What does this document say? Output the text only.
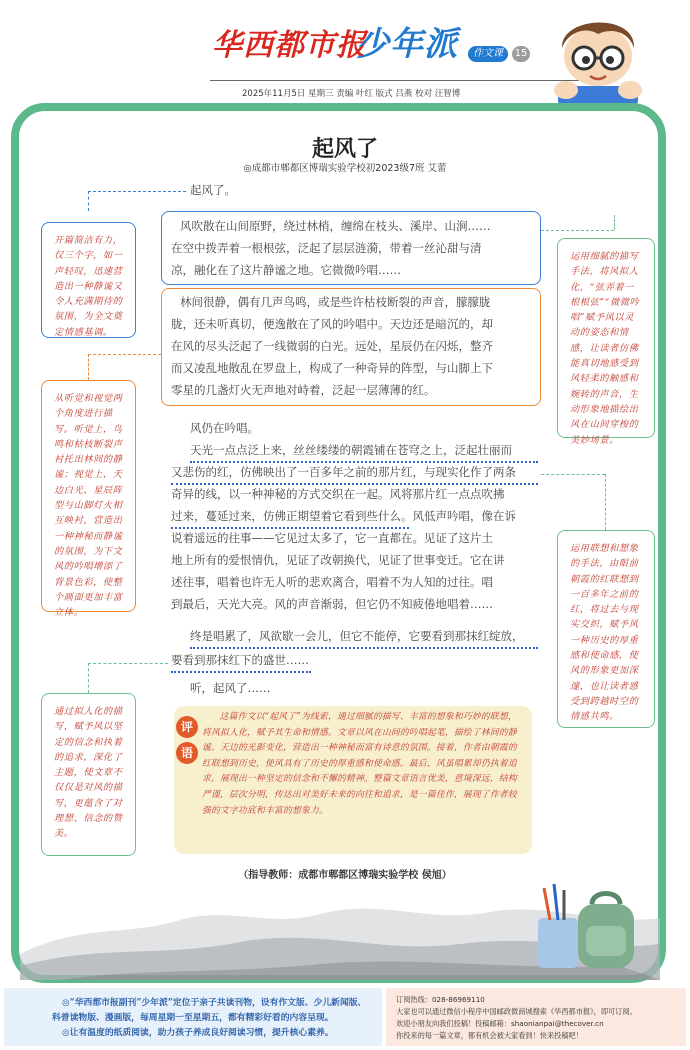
华西都市报
少年派	作文课	15
2025年11月5日 星期三 责编 叶红 版式 吕燕 校对 汪智博
起风了
◎成都市郫都区博瑞实验学校初2023级7班 艾蕾
起风了。
风吹散在山间原野，绕过林梢，缠绵在枝头、溪岸、山涧……
在空中拨弄着一根根弦，泛起了层层涟漪，带着一丝沁甜与清
凉，融化在了这片静谧之地。它微微吟唱……
林间很静，偶有几声鸟鸣，或是些许枯枝断裂的声音，朦朦胧
胧，还未听真切，便逸散在了风的吟唱中。天边还是暗沉的，却
在风的尽头泛起了一线微弱的白光。远处，星辰仍在闪烁，整齐
而又凌乱地散乱在罗盘上，构成了一种奇异的阵型，与山脚上下
零星的几盏灯火无声地对峙着，泛起一层薄薄的红。
风仍在吟唱。
天光一点点泛上来，丝丝缕缕的朝霞铺在苍穹之上，泛起壮丽而
又悲伤的红，仿佛映出了一百多年之前的那片红，与现实化作了两条
奇异的线，以一种神秘的方式交织在一起。风将那片红一点点吹拂
过来，蔓延过来，仿佛正期望着它看到些什么。风低声吟唱，像在诉
说着遥远的往事——它见过太多了，它一直都在。见证了这片土
地上所有的爱恨情仇，见证了改朝换代，见证了世事变迁。它在讲
述往事，唱着也许无人听的悲欢离合，唱着不为人知的过往。唱
到最后，天光大亮。风的声音渐弱，但它仍不知疲倦地唱着……
终是唱累了，风欲歇一会儿，但它不能停，它要看到那抹红绽放，
要看到那抹红下的盛世……
听，起风了……
开篇简洁有力，仅三个字，如一声轻叹，迅速营造出一种静谧又令人充满期待的氛围，为全文奠定情感基调。
运用细腻的描写手法，将风拟人化，“弦弄着一根根弦”“微微吟唱”赋予风以灵动的姿态和情感，让读者仿佛能真切地感受到风轻柔的触感和婉转的声音，生动形象地描绘出风在山间穿梭的美妙场景。
从听觉和视觉两个角度进行描写。听觉上，鸟鸣和枯枝断裂声衬托出林间的静谧；视觉上，天边白光、星辰阵型与山脚灯火相互映衬，营造出一种神秘而静谧的氛围，为下文风的吟唱增添了背景色彩，使整个画面更加丰富立体。
运用联想和想象的手法，由眼前朝霞的红联想到一百多年之前的红，将过去与现实交织，赋予风一种历史的厚重感和使命感，使风的形象更加深邃，也让读者感受到跨越时空的情感共鸣。
通过拟人化的描写，赋予风以坚定的信念和执着的追求，深化了主题，使文章不仅仅是对风的描写，更蕴含了对理想、信念的赞美。
评
语
这篇作文以“起风了”为线索，通过细腻的描写、丰富的想象和巧妙的联想，将风拟人化，赋予其生命和情感。文章以风在山间的吟唱起笔，描绘了林间的静谧、天边的光影变化，营造出一种神秘而富有诗意的氛围。接着，作者由朝霞的红联想到历史，使风具有了历史的厚重感和使命感。最后，风虽唱累却仍执着追求，展现出一种坚定的信念和不懈的精神。整篇文章语言优美，意境深远，结构严谨，层次分明，传达出对美好未来的向往和追求，是一篇佳作，展现了作者较强的文字功底和丰富的想象力。
（指导教师：成都市郫都区博瑞实验学校 侯旭）
◎“华西都市报副刊”少年派”定位于亲子共读刊物，设有作文版、少儿新闻版、
科普读物版、漫画版，每周星期一至星期五，都有精彩好看的内容呈现。
◎让有温度的纸质阅读，助力孩子养成良好阅读习惯，提升核心素养。
订阅热线：028-86969110
大家也可以通过微信小程序中国邮政微商城搜索《华西都市报》，即可订阅。
欢迎小朋友向我们投稿！投稿邮箱：shaonianpai@thecover.cn
你投来的每一篇文章，都有机会被大家看到！快来投稿吧！
